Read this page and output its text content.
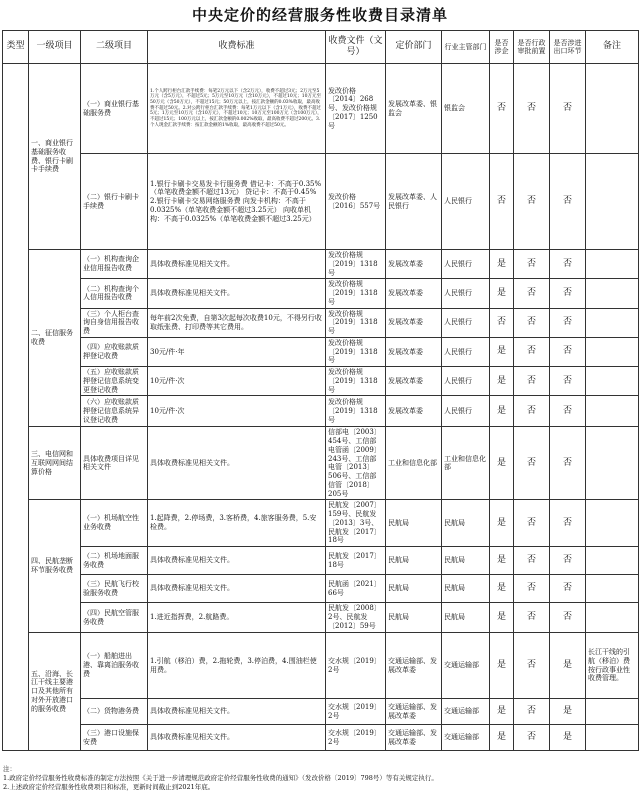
中央定价的经营服务性收费目录清单
类型	一级项目	二级项目	收费标准	收费文件（文号）	定价部门	行业主管部门	是否涉企	是否行政审批前置	是否涉进出口环节	备注
	一、商业银行基础服务收费、银行卡刷卡手续费	（一）商业银行基础服务费	1.个人跨行柜台汇款手续费：每笔2万元以下（含2万元），收费不超过3元；2万元至5万元（含5万元），不超过5元；5万元至10万元（含10万元），不超过10元；10万元至50万元（含50万元），不超过15元；50万元以上，按汇款金额的0.03%收取，最高收费不超过50元。2.对公跨行柜台汇款手续费：每笔1万元以下（含1万元），收费不超过5元；1万元至10万元（含10万元），不超过10元；10万元至100万元（含100万元），不超过15元；100万元以上，按汇款金额的0.002%收取，最高收费不超过200元。3.个人现金汇款手续费：按汇款金额的1%收取，最高收费不超过50元。	发改价格〔2014〕268号、发改价格规〔2017〕1250号	发展改革委、银监会	银监会	否	否	否	
		（二）银行卡刷卡手续费	1.银行卡刷卡交易发卡行服务费 借记卡：不高于0.35%（单笔收费金额不超过13元） 贷记卡：不高于0.45% 2.银行卡刷卡交易网络服务费 向发卡机构：不高于0.0325%（单笔收费金额不超过3.25元） 向收单机构：不高于0.0325%（单笔收费金额不超过3.25元）	发改价格〔2016〕557号	发展改革委、人民银行	人民银行	否	否	否	
	二、征信服务收费	（一）机构查询企业信用报告收费	具体收费标准见相关文件。	发改价格规〔2019〕1318号	发展改革委	人民银行	是	否	否	
		（二）机构查询个人信用报告收费	具体收费标准见相关文件。	发改价格规〔2019〕1318号	发展改革委	人民银行	是	否	否	
		（三）个人柜台查询自身信用报告收费	每年前2次免费，自第3次起每次收费10元，不得另行收取纸张费、打印费等其它费用。	发改价格规〔2019〕1318号	发展改革委	人民银行	否	否	否	
		（四）应收账款质押登记收费	30元/件·年	发改价格规〔2019〕1318号	发展改革委	人民银行	是	否	否	
		（五）应收账款质押登记信息系统变更登记收费	10元/件·次	发改价格规〔2019〕1318号	发展改革委	人民银行	是	否	否	
		（六）应收账款质押登记信息系统异议登记收费	10元/件·次	发改价格规〔2019〕1318号	发展改革委	人民银行	是	否	否	
	三、电信网和互联网网间结算价格	具体收费项目详见相关文件	具体收费标准见相关文件。	信部电〔2003〕454号、工信部电管函〔2009〕243号、工信部电管〔2013〕506号、工信部信管〔2018〕205号	工业和信息化部	工业和信息化部	是	否	否	
	四、民航垄断环节服务收费	（一）机场航空性业务收费	1.起降费，2.停场费，3.客桥费，4.旅客服务费，5.安检费。	民航发〔2007〕159号、民航发〔2013〕3号、民航发〔2017〕18号	民航局	民航局	是	否	否	
		（二）机场地面服务收费	具体收费标准见相关文件。	民航发〔2017〕18号	民航局	民航局	是	否	否	
		（三）民航飞行校验服务收费	具体收费标准见相关文件。	民航函〔2021〕66号	民航局	民航局	是	否	否	
		（四）民航空管服务收费	1.进近指挥费，2.航路费。	民航发〔2008〕2号、民航发〔2012〕59号	民航局	民航局	是	否	否	
	五、沿海、长江干线主要港口及其他所有对外开放港口的服务收费	（一）船舶进出港、靠离泊服务收费	1.引航（移泊）费，2.拖轮费，3.停泊费，4.围油栏使用费。	交水规〔2019〕2号	交通运输部、发展改革委	交通运输部	是	否	是	长江干线的引航（移泊）费按行政事业性收费管理。
		（二）货物港务费	具体收费标准见相关文件。	交水规〔2019〕2号	交通运输部、发展改革委	交通运输部	是	否	是	
		（三）港口设施保安费	具体收费标准见相关文件。	交水规〔2019〕2号	交通运输部、发展改革委	交通运输部	是	否	是	
注：
1.政府定价经营服务性收费标准的制定方法按照《关于进一步清理规范政府定价经营服务性收费的通知》（发改价格〔2019〕798号）等有关规定执行。
2.上述政府定价经营服务性收费项目和标准，更新时间截止到2021年底。
